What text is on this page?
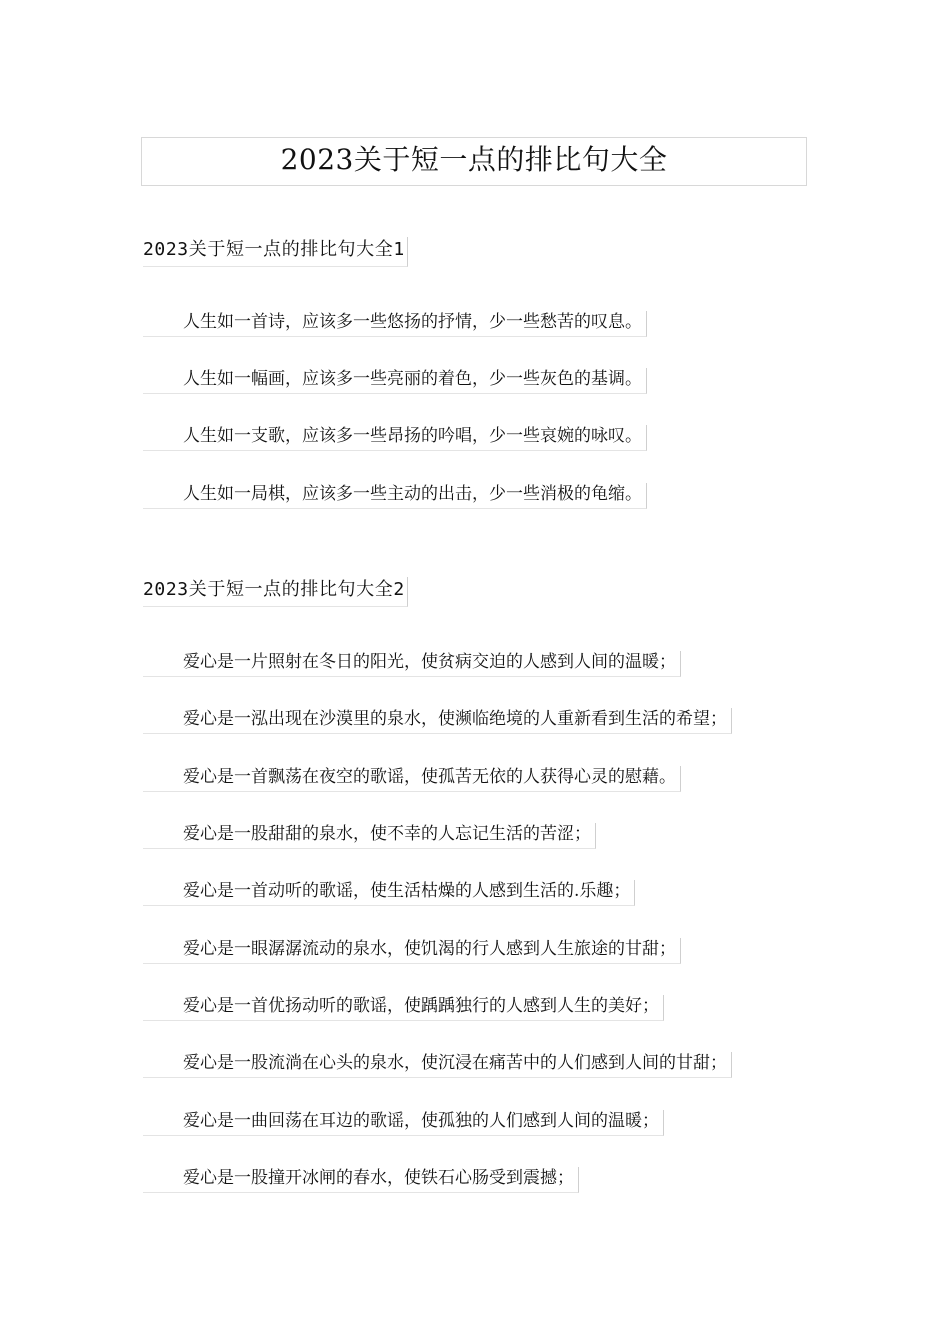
2023关于短一点的排比句大全
2023关于短一点的排比句大全1
人生如一首诗，应该多一些悠扬的抒情，少一些愁苦的叹息。
人生如一幅画，应该多一些亮丽的着色，少一些灰色的基调。
人生如一支歌，应该多一些昂扬的吟唱，少一些哀婉的咏叹。
人生如一局棋，应该多一些主动的出击，少一些消极的龟缩。
2023关于短一点的排比句大全2
爱心是一片照射在冬日的阳光，使贫病交迫的人感到人间的温暖；
爱心是一泓出现在沙漠里的泉水，使濒临绝境的人重新看到生活的希望；
爱心是一首飘荡在夜空的歌谣，使孤苦无依的人获得心灵的慰藉。
爱心是一股甜甜的泉水，使不幸的人忘记生活的苦涩；
爱心是一首动听的歌谣，使生活枯燥的人感到生活的.乐趣；
爱心是一眼潺潺流动的泉水，使饥渴的行人感到人生旅途的甘甜；
爱心是一首优扬动听的歌谣，使踽踽独行的人感到人生的美好；
爱心是一股流淌在心头的泉水，使沉浸在痛苦中的人们感到人间的甘甜；
爱心是一曲回荡在耳边的歌谣，使孤独的人们感到人间的温暖；
爱心是一股撞开冰闸的春水，使铁石心肠受到震撼；
